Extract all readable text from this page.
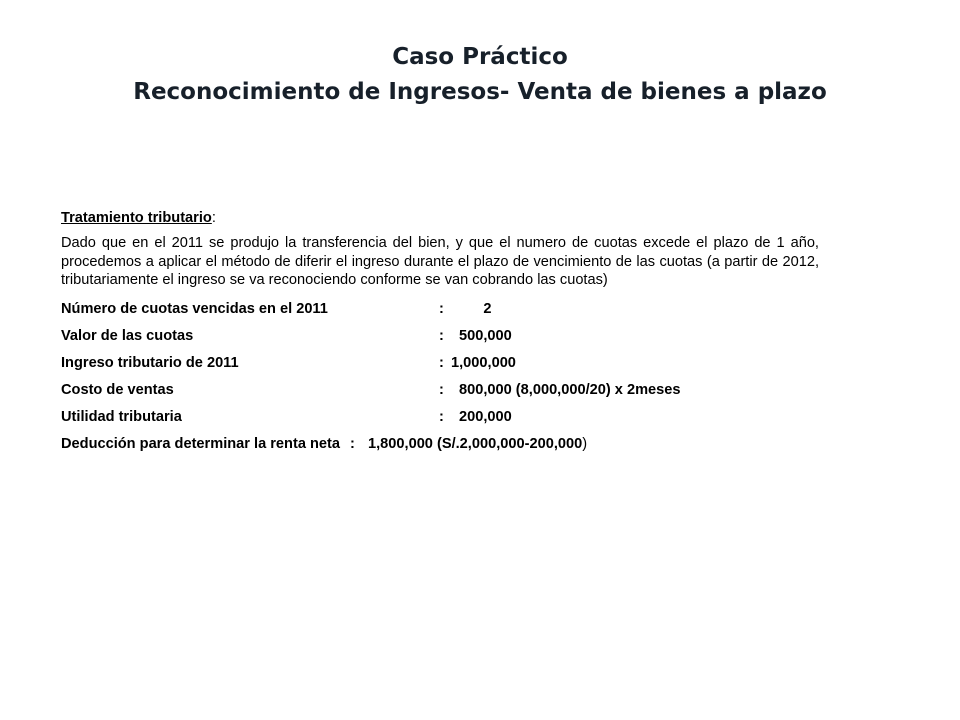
Caso Práctico
Reconocimiento de Ingresos- Venta de bienes a plazo
Tratamiento tributario:
Dado que en el 2011 se produjo la transferencia del bien, y que el numero de cuotas excede el plazo de 1 año, procedemos a aplicar el método de diferir el ingreso durante el plazo de vencimiento de las cuotas (a partir de 2012, tributariamente el ingreso se va reconociendo conforme se van cobrando las cuotas)
Número de cuotas vencidas en el 2011	:	2
Valor de las cuotas	:	500,000
Ingreso tributario de 2011	: 1,000,000
Costo de ventas	:	800,000 (8,000,000/20) x 2meses
Utilidad tributaria	:	200,000
Deducción para determinar la renta neta : 1,800,000 (S/.2,000,000-200,000)
